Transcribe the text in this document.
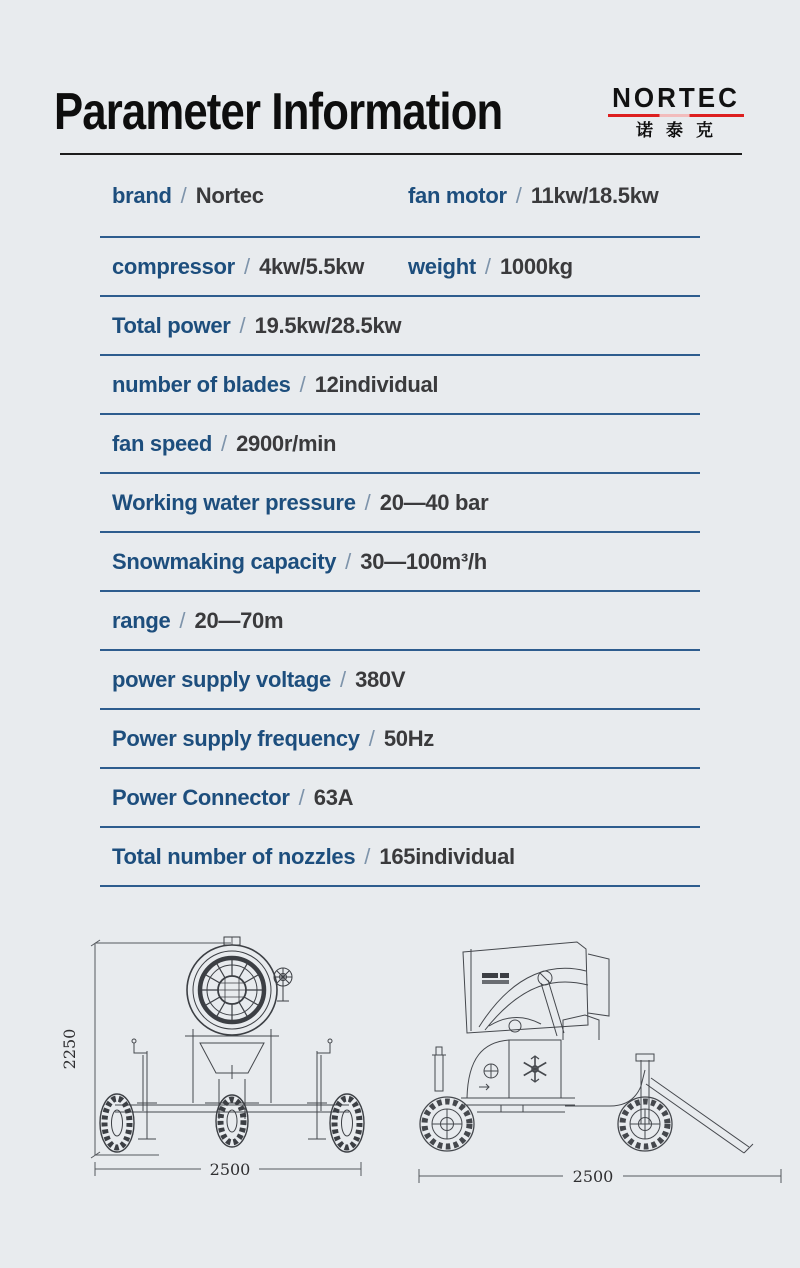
Parameter Information	NORTEC
诺泰克
brand / Nortec	fan motor / 11kw/18.5kw
compressor / 4kw/5.5kw weight / 1000kg
Total power / 19.5kw/28.5kw
number of blades / 12individual
fan speed / 2900r/min
Working water pressure / 20—40 bar
Snowmaking capacity / 30—100m³/h
range / 20—70m
power supply voltage / 380V
Power supply frequency / 50Hz
Power Connector / 63A
Total number of nozzles / 165individual
2250
2500	2500
